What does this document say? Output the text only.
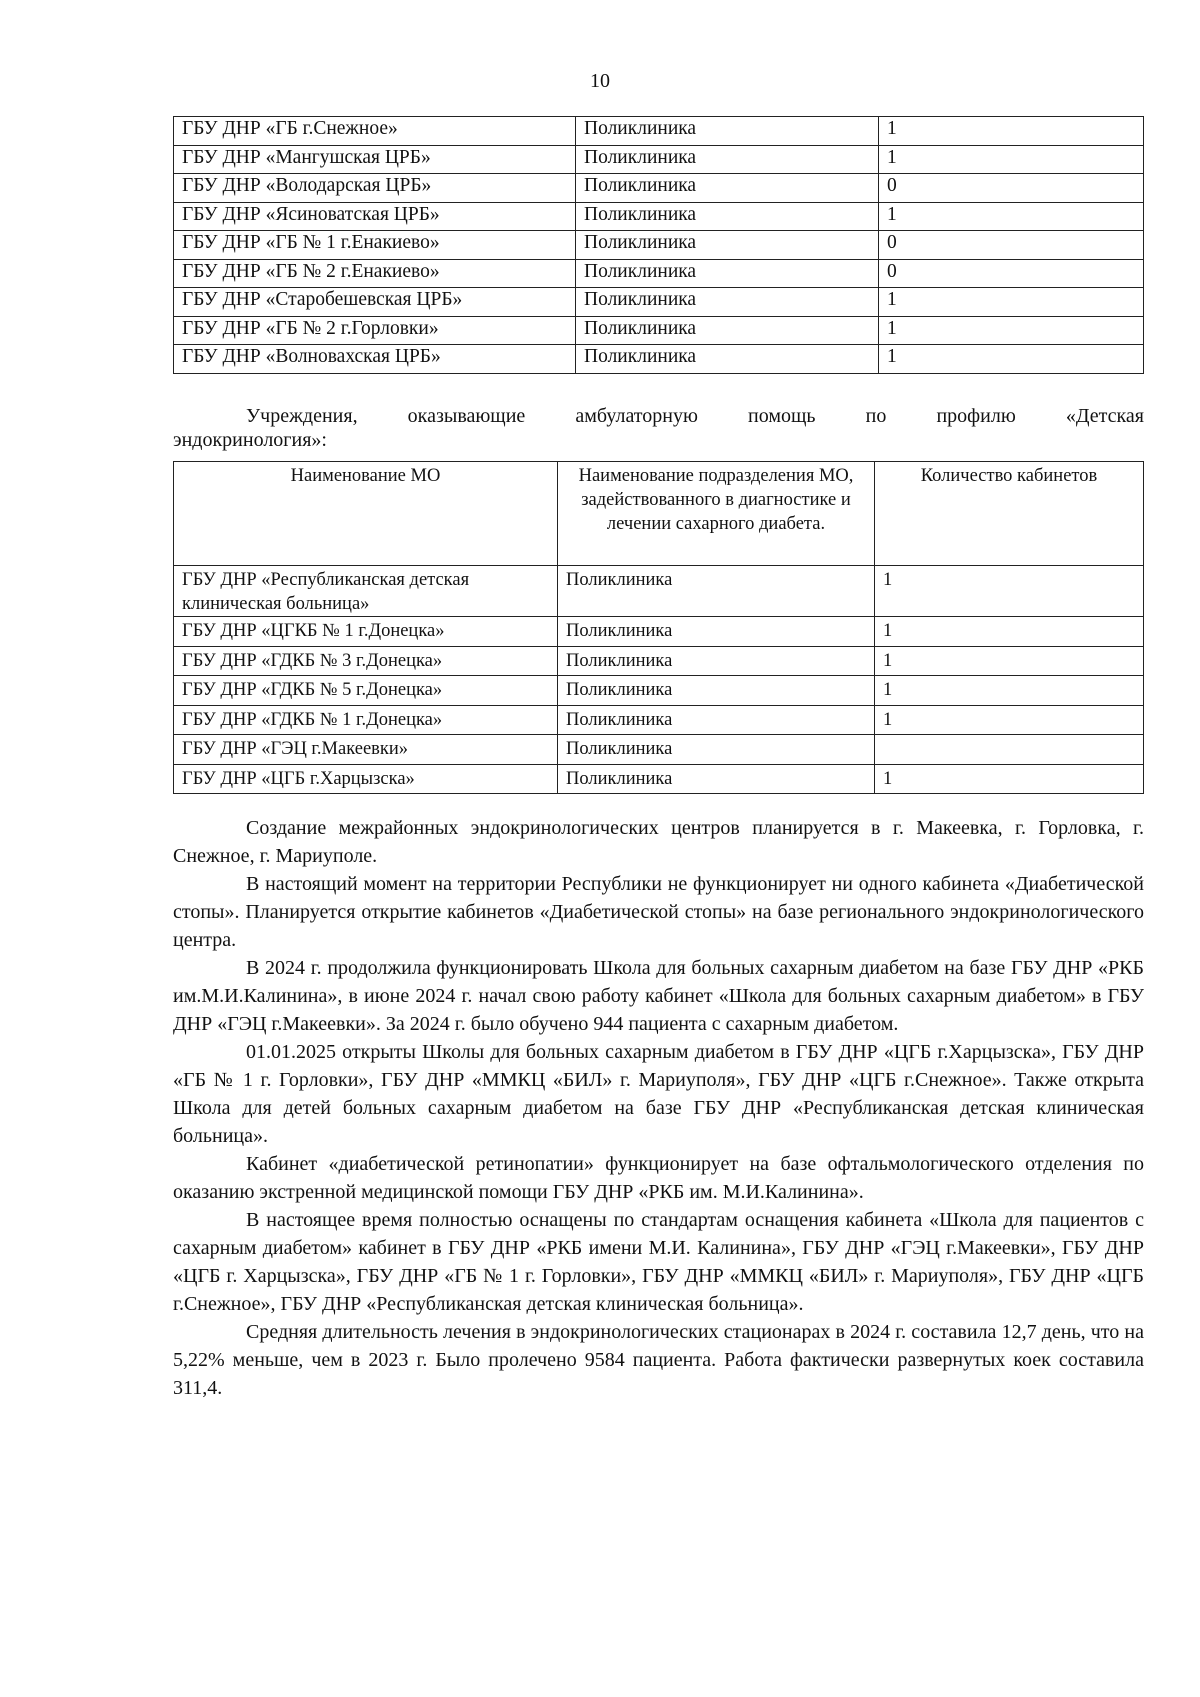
10
ГБУ ДНР «ГБ г.Снежное»	Поликлиника	1
ГБУ ДНР «Мангушская ЦРБ»	Поликлиника	1
ГБУ ДНР «Володарская ЦРБ»	Поликлиника	0
ГБУ ДНР «Ясиноватская ЦРБ»	Поликлиника	1
ГБУ ДНР «ГБ № 1 г.Енакиево»	Поликлиника	0
ГБУ ДНР «ГБ № 2 г.Енакиево»	Поликлиника	0
ГБУ ДНР «Старобешевская ЦРБ»	Поликлиника	1
ГБУ ДНР «ГБ № 2 г.Горловки»	Поликлиника	1
ГБУ ДНР «Волновахская ЦРБ»	Поликлиника	1
Учреждения, оказывающие амбулаторную помощь по профилю «Детская
эндокринология»:
Наименование МО	Наименование подразделения МО, задействованного в диагностике и лечении сахарного диабета.	Количество кабинетов
ГБУ ДНР «Республиканская детская клиническая больница»	Поликлиника	1
ГБУ ДНР «ЦГКБ № 1 г.Донецка»	Поликлиника	1
ГБУ ДНР «ГДКБ № 3 г.Донецка»	Поликлиника	1
ГБУ ДНР «ГДКБ № 5 г.Донецка»	Поликлиника	1
ГБУ ДНР «ГДКБ № 1 г.Донецка»	Поликлиника	1
ГБУ ДНР «ГЭЦ г.Макеевки»	Поликлиника	
ГБУ ДНР «ЦГБ г.Харцызска»	Поликлиника	1

Создание межрайонных эндокринологических центров планируется в г. Макеевка, г. Горловка, г. Снежное, г. Мариуполе.

В настоящий момент на территории Республики не функционирует ни одного кабинета «Диабетической стопы». Планируется открытие кабинетов «Диабетической стопы» на базе регионального эндокринологического центра.

В 2024 г. продолжила функционировать Школа для больных сахарным диабетом на базе ГБУ ДНР «РКБ им.М.И.Калинина», в июне 2024 г. начал свою работу кабинет «Школа для больных сахарным диабетом» в ГБУ ДНР «ГЭЦ г.Макеевки». За 2024 г. было обучено 944 пациента с сахарным диабетом.

01.01.2025 открыты Школы для больных сахарным диабетом в ГБУ ДНР «ЦГБ г.Харцызска», ГБУ ДНР «ГБ № 1 г. Горловки», ГБУ ДНР «ММКЦ «БИЛ» г. Мариуполя», ГБУ ДНР «ЦГБ г.Снежное». Также открыта Школа для детей больных сахарным диабетом на базе ГБУ ДНР «Республиканская детская клиническая больница».

Кабинет «диабетической ретинопатии» функционирует на базе офтальмологического отделения по оказанию экстренной медицинской помощи ГБУ ДНР «РКБ им. М.И.Калинина».

В настоящее время полностью оснащены по стандартам оснащения кабинета «Школа для пациентов с сахарным диабетом» кабинет в ГБУ ДНР «РКБ имени М.И. Калинина», ГБУ ДНР «ГЭЦ г.Макеевки», ГБУ ДНР «ЦГБ г. Харцызска», ГБУ ДНР «ГБ № 1 г. Горловки», ГБУ ДНР «ММКЦ «БИЛ» г. Мариуполя», ГБУ ДНР «ЦГБ г.Снежное», ГБУ ДНР «Республиканская детская клиническая больница».

Средняя длительность лечения в эндокринологических стационарах в 2024 г. составила 12,7 день, что на 5,22% меньше, чем в 2023 г. Было пролечено 9584 пациента. Работа фактически развернутых коек составила 311,4.
